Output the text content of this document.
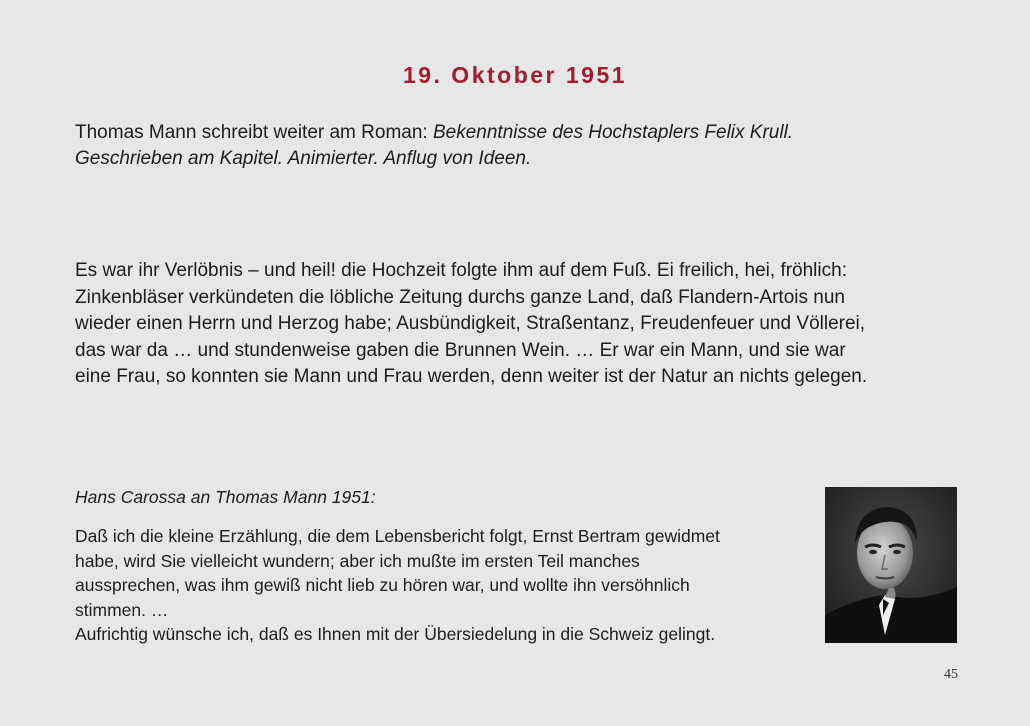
19. Oktober 1951

Thomas Mann schreibt weiter am Roman: Bekenntnisse des Hochstaplers Felix Krull.
Geschrieben am Kapitel. Animierter. Anflug von Ideen.

Es war ihr Verlöbnis – und heil! die Hochzeit folgte ihm auf dem Fuß. Ei freilich, hei, fröhlich:
Zinkenbläser verkündeten die löbliche Zeitung durchs ganze Land, daß Flandern-Artois nun
wieder einen Herrn und Herzog habe; Ausbündigkeit, Straßentanz, Freudenfeuer und Völlerei,
das war da … und stundenweise gaben die Brunnen Wein. … Er war ein Mann, und sie war
eine Frau, so konnten sie Mann und Frau werden, denn weiter ist der Natur an nichts gelegen.

Hans Carossa an Thomas Mann 1951:

Daß ich die kleine Erzählung, die dem Lebensbericht folgt, Ernst Bertram gewidmet
habe, wird Sie vielleicht wundern; aber ich mußte im ersten Teil manches
aussprechen, was ihm gewiß nicht lieb zu hören war, und wollte ihn versöhnlich
stimmen. …
Aufrichtig wünsche ich, daß es Ihnen mit der Übersiedelung in die Schweiz gelingt.

45
